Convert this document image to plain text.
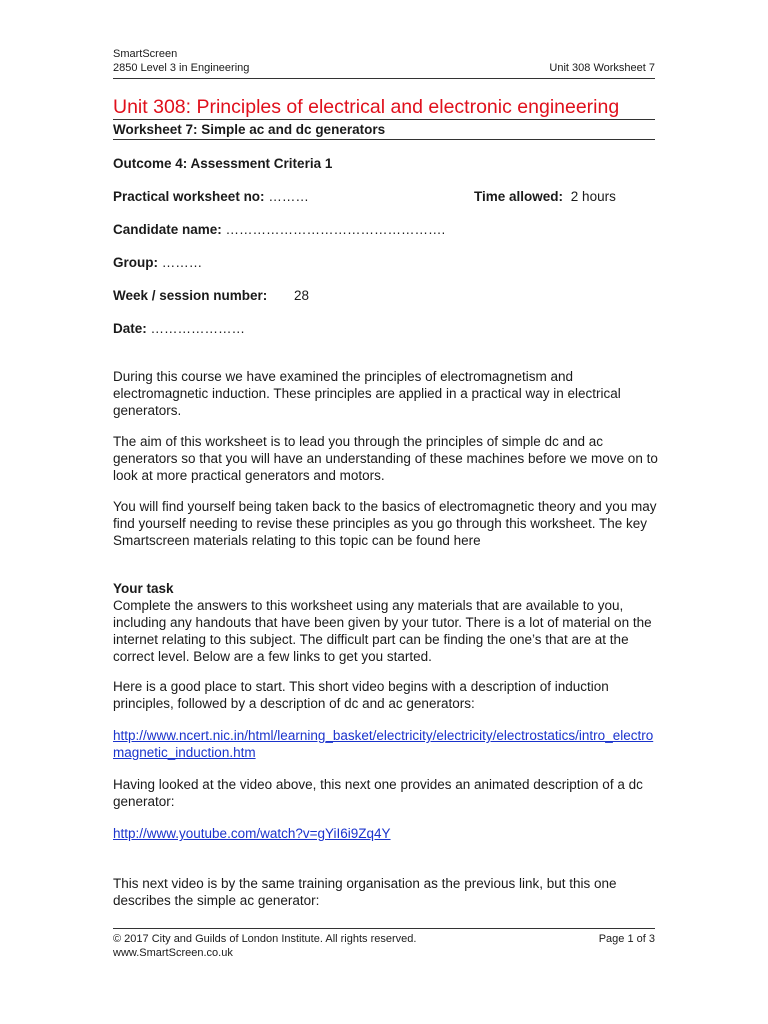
SmartScreen
2850 Level 3 in Engineering	Unit 308 Worksheet 7
Unit 308: Principles of electrical and electronic engineering
Worksheet 7: Simple ac and dc generators
Outcome 4: Assessment Criteria 1
Practical worksheet no: ………	Time allowed: 2 hours
Candidate name: ………………………………………….
Group: ………
Week / session number: 28
Date: …………………
During this course we have examined the principles of electromagnetism and electromagnetic induction. These principles are applied in a practical way in electrical generators.
The aim of this worksheet is to lead you through the principles of simple dc and ac generators so that you will have an understanding of these machines before we move on to look at more practical generators and motors.
You will find yourself being taken back to the basics of electromagnetic theory and you may find yourself needing to revise these principles as you go through this worksheet. The key Smartscreen materials relating to this topic can be found here
Your task
Complete the answers to this worksheet using any materials that are available to you, including any handouts that have been given by your tutor. There is a lot of material on the internet relating to this subject. The difficult part can be finding the one’s that are at the correct level. Below are a few links to get you started.
Here is a good place to start. This short video begins with a description of induction principles, followed by a description of dc and ac generators:
http://www.ncert.nic.in/html/learning_basket/electricity/electricity/electrostatics/intro_electromagnetic_induction.htm
Having looked at the video above, this next one provides an animated description of a dc generator:
http://www.youtube.com/watch?v=gYiI6i9Zq4Y
This next video is by the same training organisation as the previous link, but this one describes the simple ac generator:
© 2017 City and Guilds of London Institute. All rights reserved.
www.SmartScreen.co.uk
Page 1 of 3
